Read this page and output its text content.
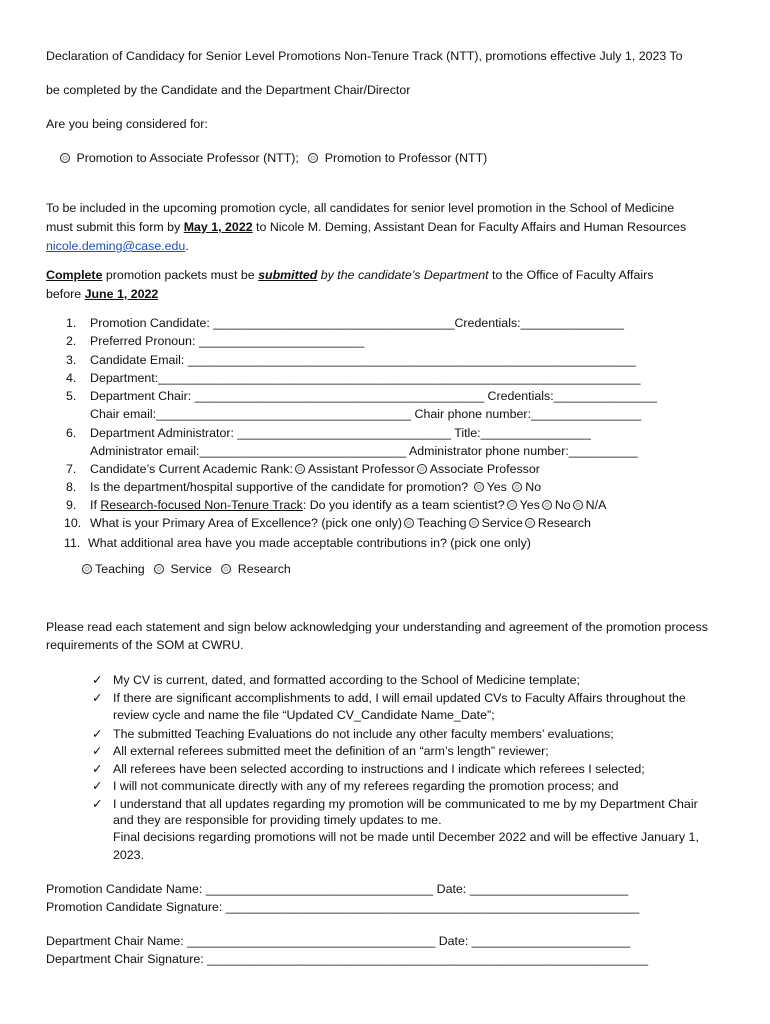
Declaration of Candidacy for Senior Level Promotions Non-Tenure Track (NTT), promotions effective July 1, 2023 To
be completed by the Candidate and the Department Chair/Director
Are you being considered for:
Promotion to Associate Professor (NTT); Promotion to Professor (NTT)
To be included in the upcoming promotion cycle, all candidates for senior level promotion in the School of Medicine
must submit this form by May 1, 2022 to Nicole M. Deming, Assistant Dean for Faculty Affairs and Human Resources
nicole.deming@case.edu.
Complete promotion packets must be submitted by the candidate’s Department to the Office of Faculty Affairs
before June 1, 2022
1. Promotion Candidate: ___________________________________Credentials:_______________
2. Preferred Pronoun: ________________________
3. Candidate Email: _________________________________________________________________
4. Department:______________________________________________________________________
5. Department Chair: __________________________________________ Credentials:_______________
Chair email:_____________________________________ Chair phone number:________________
6. Department Administrator: _______________________________ Title:________________
Administrator email:______________________________ Administrator phone number:__________
7. Candidate’s Current Academic Rank: Assistant Professor Associate Professor
8. Is the department/hospital supportive of the candidate for promotion? Yes No
9. If Research-focused Non-Tenure Track: Do you identify as a team scientist? Yes No N/A
10. What is your Primary Area of Excellence? (pick one only) Teaching Service Research
11. What additional area have you made acceptable contributions in? (pick one only)
Teaching Service Research
Please read each statement and sign below acknowledging your understanding and agreement of the promotion process
requirements of the SOM at CWRU.
✓ My CV is current, dated, and formatted according to the School of Medicine template;
✓ If there are significant accomplishments to add, I will email updated CVs to Faculty Affairs throughout the
review cycle and name the file “Updated CV_Candidate Name_Date”;
✓ The submitted Teaching Evaluations do not include any other faculty members’ evaluations;
✓ All external referees submitted meet the definition of an “arm’s length” reviewer;
✓ All referees have been selected according to instructions and I indicate which referees I selected;
✓ I will not communicate directly with any of my referees regarding the promotion process; and
✓ I understand that all updates regarding my promotion will be communicated to me by my Department Chair
and they are responsible for providing timely updates to me.
Final decisions regarding promotions will not be made until December 2022 and will be effective January 1,
2023.
Promotion Candidate Name: _________________________________ Date: _______________________
Promotion Candidate Signature: ____________________________________________________________
Department Chair Name: ____________________________________ Date: _______________________
Department Chair Signature: ________________________________________________________________
